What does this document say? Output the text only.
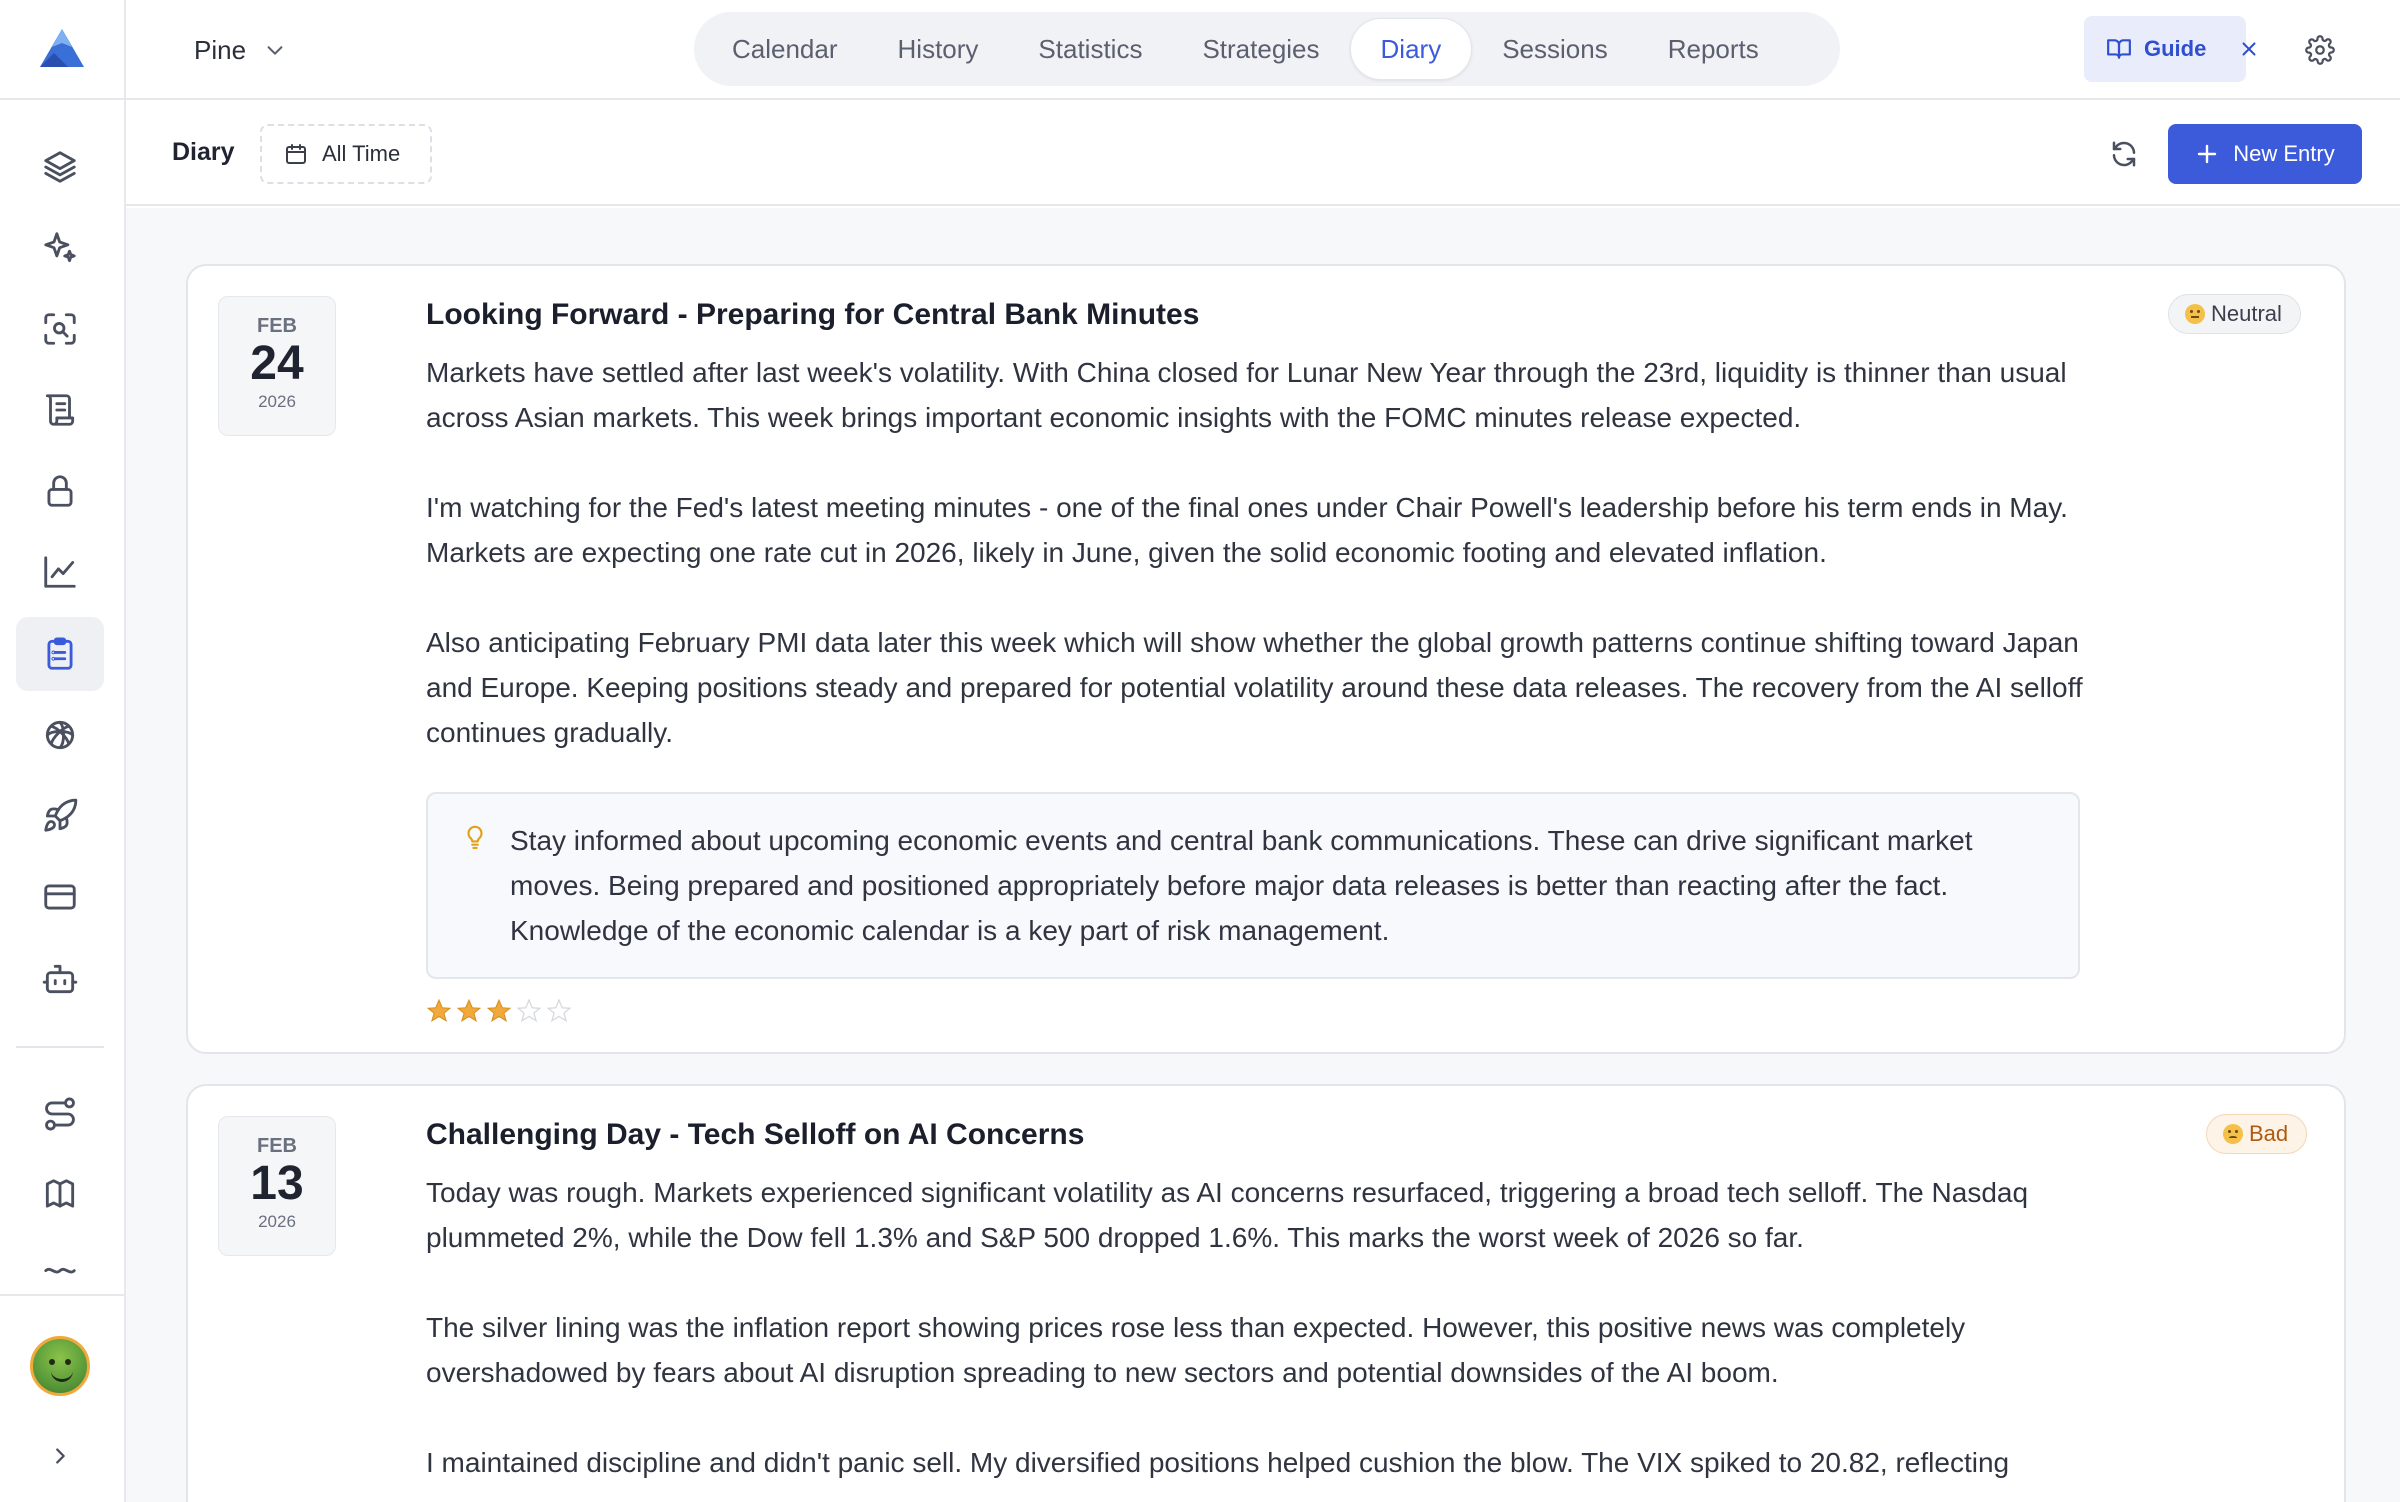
Pine	Calendar	History	Statistics	Strategies	Diary	Sessions	Reports	Guide
Diary	All Time	New Entry
FEB
24
2026
Looking Forward - Preparing for Central Bank Minutes	Neutral

Markets have settled after last week's volatility. With China closed for Lunar New Year through the 23rd, liquidity is thinner than usual across Asian markets. This week brings important economic insights with the FOMC minutes release expected.

I'm watching for the Fed's latest meeting minutes - one of the final ones under Chair Powell's leadership before his term ends in May. Markets are expecting one rate cut in 2026, likely in June, given the solid economic footing and elevated inflation.

Also anticipating February PMI data later this week which will show whether the global growth patterns continue shifting toward Japan and Europe. Keeping positions steady and prepared for potential volatility around these data releases. The recovery from the AI selloff continues gradually.

Stay informed about upcoming economic events and central bank communications. These can drive significant market moves. Being prepared and positioned appropriately before major data releases is better than reacting after the fact. Knowledge of the economic calendar is a key part of risk management.

FEB
13
2026
Challenging Day - Tech Selloff on AI Concerns	Bad

Today was rough. Markets experienced significant volatility as AI concerns resurfaced, triggering a broad tech selloff. The Nasdaq plummeted 2%, while the Dow fell 1.3% and S&P 500 dropped 1.6%. This marks the worst week of 2026 so far.

The silver lining was the inflation report showing prices rose less than expected. However, this positive news was completely overshadowed by fears about AI disruption spreading to new sectors and potential downsides of the AI boom.

I maintained discipline and didn't panic sell. My diversified positions helped cushion the blow. The VIX spiked to 20.82, reflecting
